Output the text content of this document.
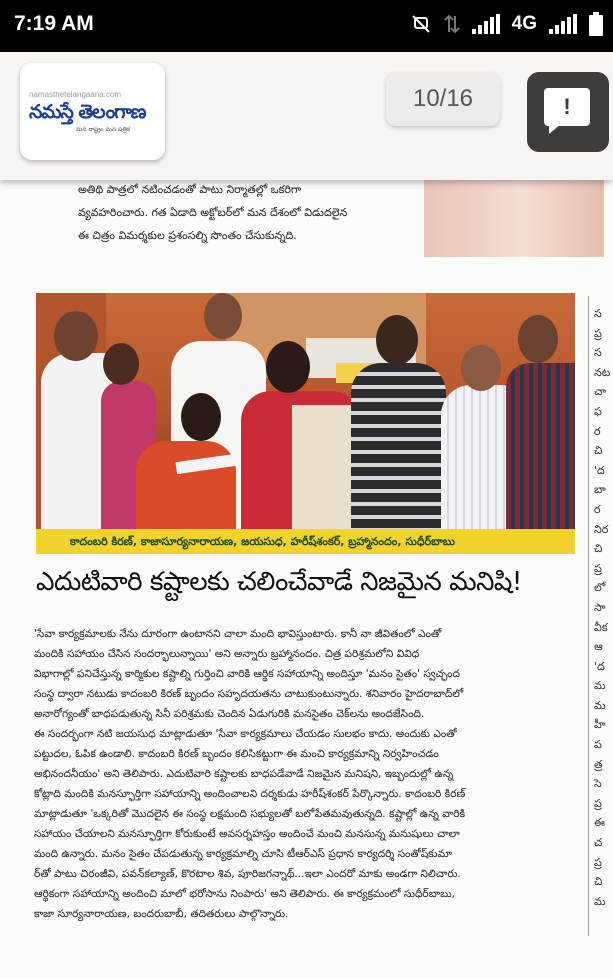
7:19 AM	4G
అతిథి పాత్రలో నటించడంతో పాటు నిర్మాతల్లో ఒకరిగా
వ్యవహరించారు. గత ఏడాది అక్టోబర్‌లో మన దేశంలో విడుదలైన
ఈ చిత్రం విమర్శకుల ప్రశంసల్ని సొంతం చేసుకున్నది.
కాదంబరి కిరణ్, కాజాసూర్యనారాయణ, జయసుధ, హరీష్‌శంకర్, బ్రహ్మానందం, సుధీర్‌బాబు
ఎదుటివారి కష్టాలకు చలించేవాడే నిజమైన మనిషి!

'సేవా కార్యక్రమాలకు నేను దూరంగా ఉంటానని చాలా మంది భావిస్తుంటారు. కానీ నా జీవితంలో ఎంతో

మందికి సహాయం చేసిన సందర్భాలున్నాయి' అని అన్నారు బ్రహ్మానందం. చిత్ర పరిశ్రమలోని వివిధ

విభాగాల్లో పనిచేస్తున్న కార్మికుల కష్టాల్ని గుర్తించి వారికి ఆర్థిక సహాయాన్ని అందిస్తూ 'మనం సైతం' స్వచ్ఛంద

సంస్థ ద్వారా నటుడు కాదంబరి కిరణ్ బృందం సహృదయతను చాటుకుంటున్నారు. శనివారం హైదరాబాద్‌లో

అనారోగ్యంతో బాధపడుతున్న సినీ పరిశ్రమకు చెందిన ఏడుగురికి మనసైతం చెక్‌లను అందజేసింది.

ఈ సందర్భంగా నటి జయసుధ మాట్లాడుతూ 'సేవా కార్యక్రమాలు చేయడం సులభం కాదు. అందుకు ఎంతో

పట్టుదల, ఓపిక ఉండాలి. కాదంబరి కిరణ్ బృందం కలిసికట్టుగా ఈ మంచి కార్యక్రమాన్ని నిర్వహించడం

అభినందనీయం' అని తెలిపారు. ఎదుటివారి కష్టాలకు బాధపడేవాడే నిజమైన మనిషని, ఇబ్బందుల్లో ఉన్న

కోట్లాది మందికి మనస్ఫూర్తిగా సహాయాన్ని అందించాలని దర్శకుడు హరీష్‌శంకర్ పేర్కొన్నారు. కాదంబరి కిరణ్

మాట్లాడుతూ 'ఒక్కరితో మొదలైన ఈ సంస్థ లక్షమంది సభ్యులతో బలోపేతమవుతున్నది. కష్టాల్లో ఉన్న వారికి

సహాయం చేయాలని మనస్ఫూర్తిగా కోరుకుంటే అవసర్నహస్తం అందించే మంచి మనసున్న మనుషులు చాలా

మంది ఉన్నారు. మనం సైతం చేపడుతున్న కార్యక్రమాల్ని చూసి టీఆర్‌ఎస్ ప్రధాన కార్యదర్శి సంతోష్‌కుమా

ర్‌తో పాటు చిరంజీవి, పవన్‌కల్యాణ్, కొరటాల శివ, పూరిజగన్నాథ్...ఇలా ఎందరో మాకు అండగా నిలిచారు.

ఆర్థికంగా సహాయాన్ని అందించి మాలో భరోసాను నింపారు' అని తెలిపారు. ఈ కార్యక్రమంలో సుధీర్‌బాబు,

కాజా సూర్యనారాయణ, బందరుబాబీ, తదితరులు పాల్గొన్నారు.

స
ప్ర
స
నట
చా
ఫ
ర
చి
'ద
బా
ర
నిర
చి
ప్ర
లో
సా
వీక
ఆ
'ద
మ
మ
హీ
ప
త్ర
సె
ప్ర
ఈ
చ
ప్ర
చి
మ
namasthetelangaana.com
నమస్తే తెలంగాణ
మన రాష్ట్రం మన పత్రిక
10/16	!
